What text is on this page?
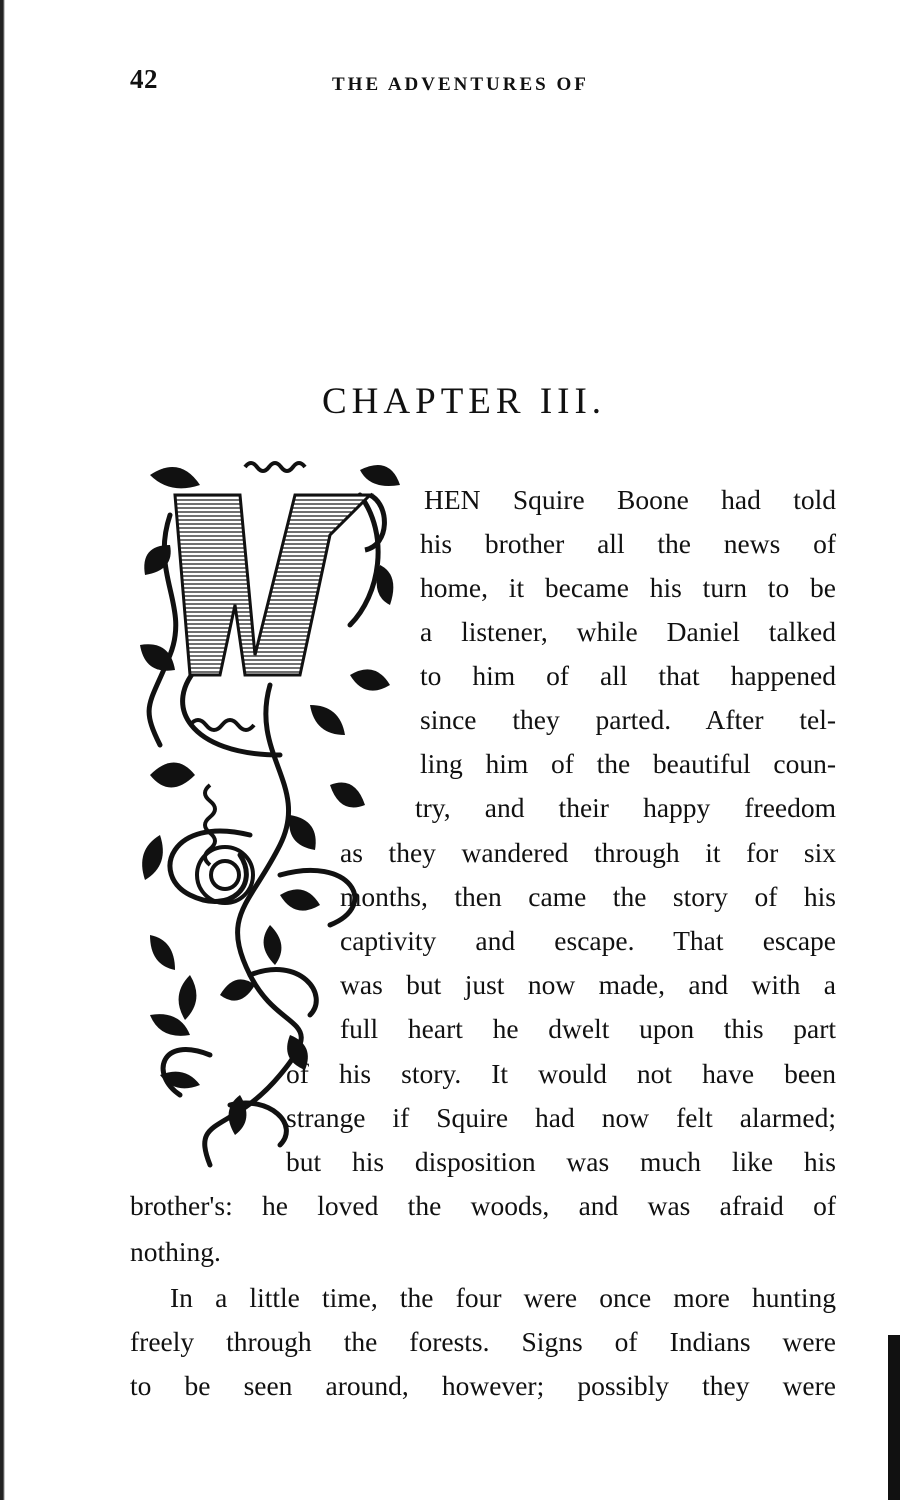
42	THE ADVENTURES OF
CHAPTER III.
HEN Squire Boone had told
his brother all the news of
home, it became his turn to be
a listener, while Daniel talked
to him of all that happened
since they parted. After tel-
ling him of the beautiful coun-
try, and their happy freedom
as they wandered through it for six
months, then came the story of his
captivity and escape. That escape
was but just now made, and with a
full heart he dwelt upon this part
of his story. It would not have been
strange if Squire had now felt alarmed;
but his disposition was much like his
brother's: he loved the woods, and was afraid of
nothing.
In a little time, the four were once more hunting
freely through the forests. Signs of Indians were
to be seen around, however; possibly they were
